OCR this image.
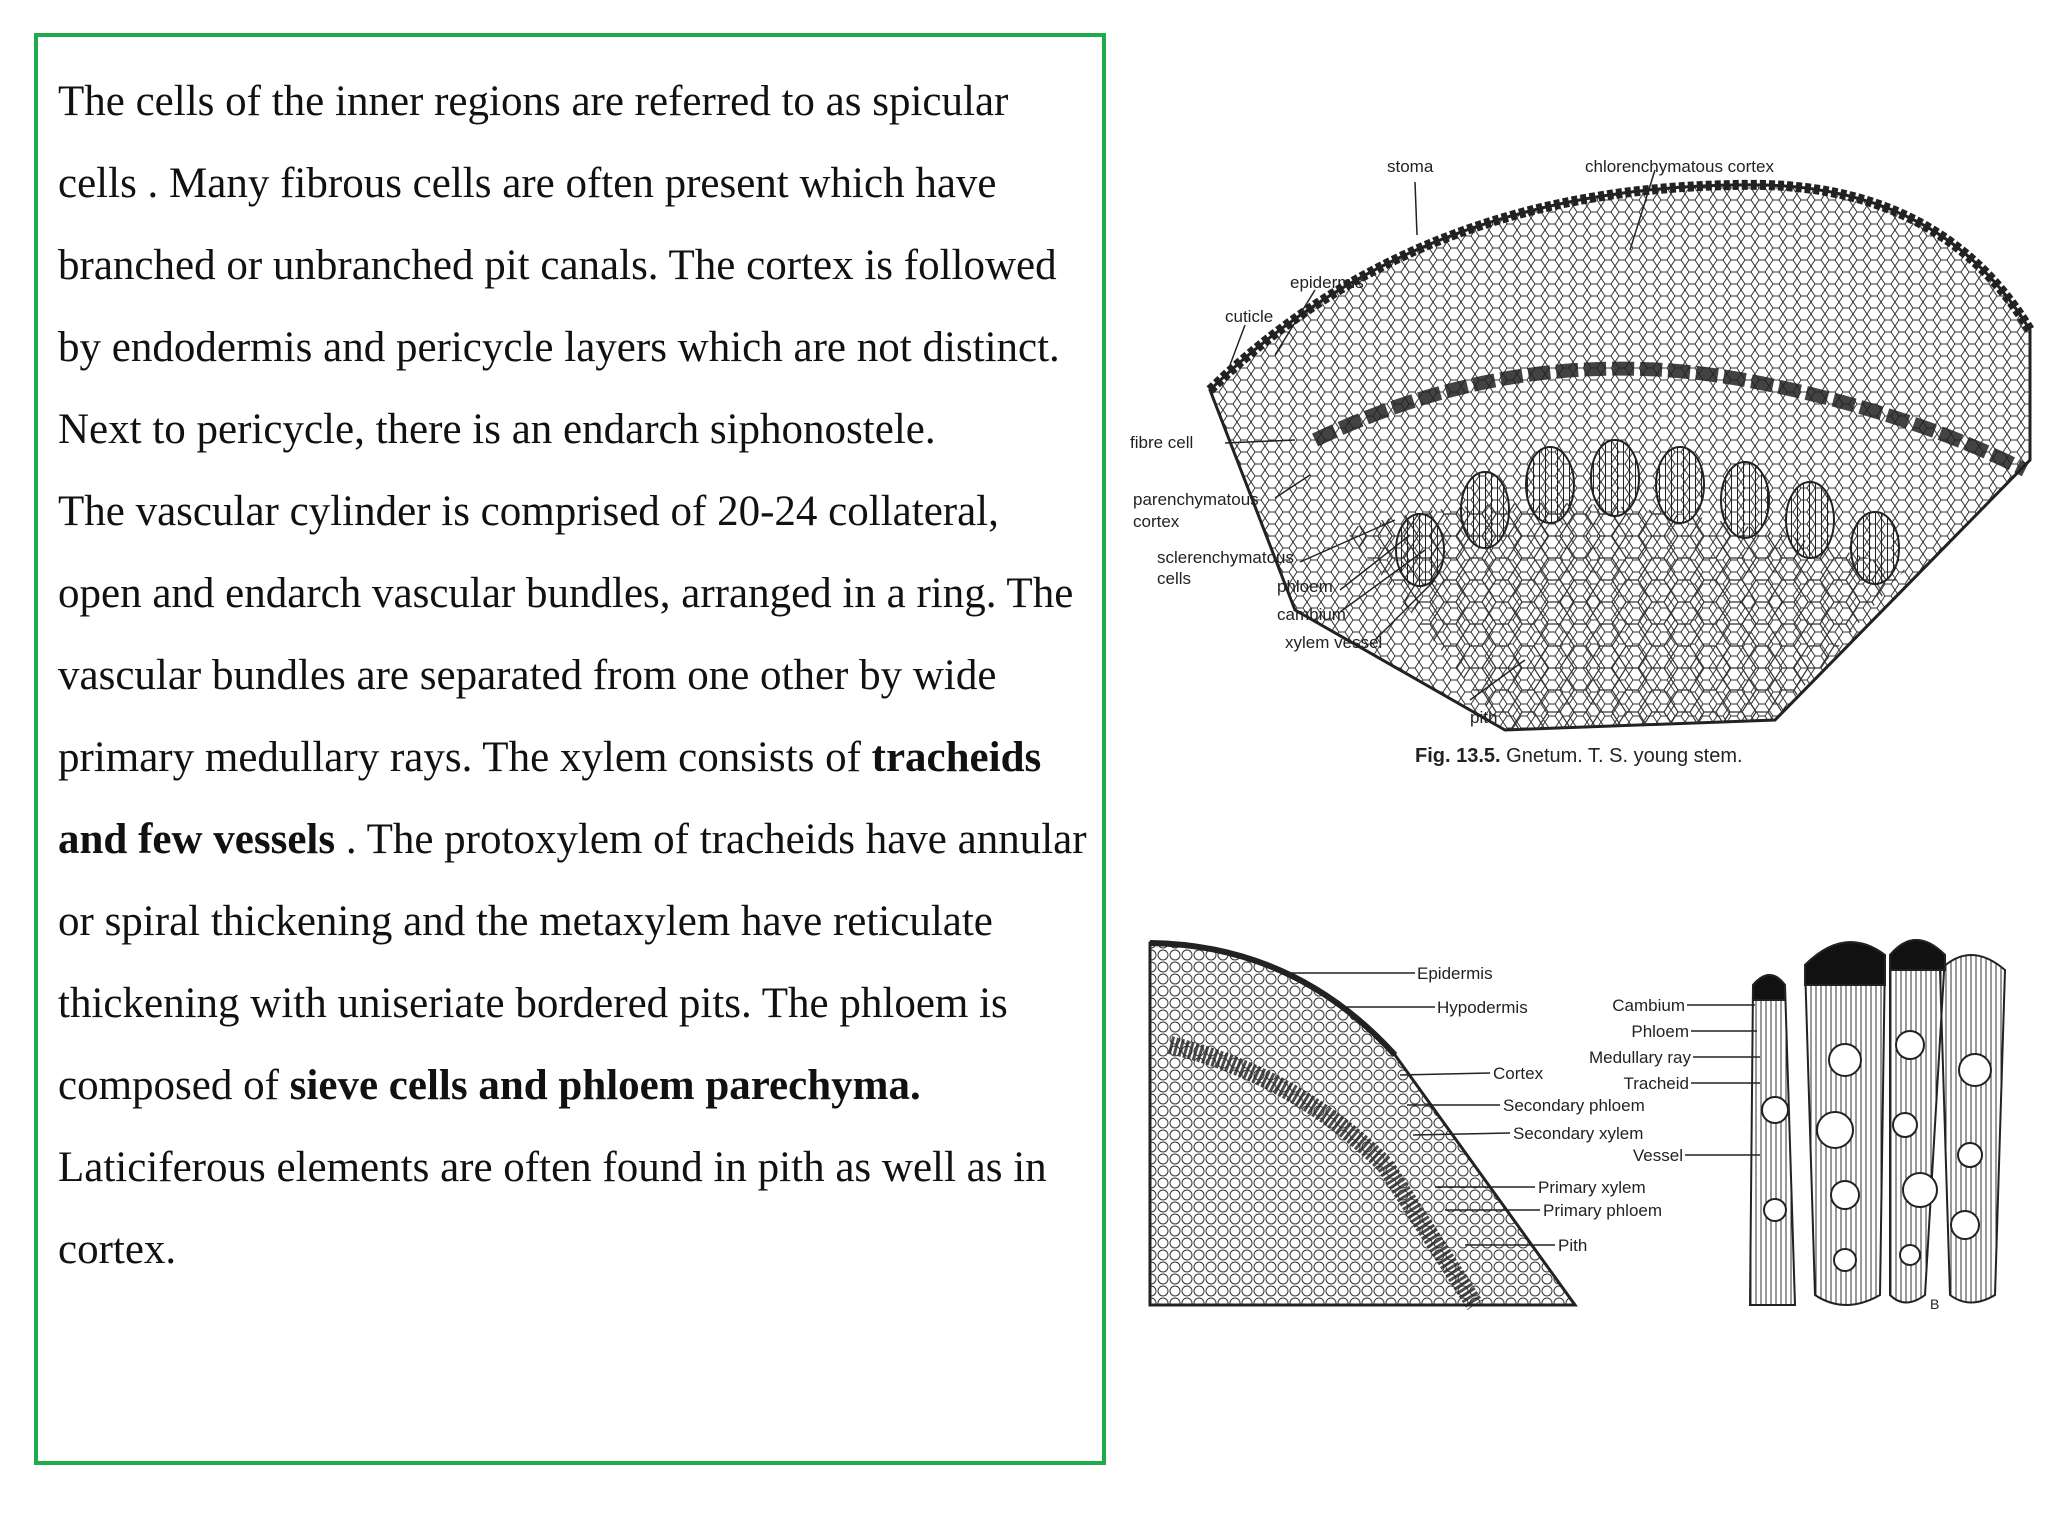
The cells of the inner regions are referred to as spicular cells . Many fibrous cells are often present which have branched or unbranched pit canals. The cortex is followed by endodermis and pericycle layers which are not distinct. Next to pericycle, there is an endarch siphonostele.
The vascular cylinder is comprised of 20-24 collateral, open and endarch vascular bundles, arranged in a ring. The vascular bundles are separated from one other by wide primary medullary rays. The xylem consists of tracheids and few vessels . The protoxylem of tracheids have annular or spiral thickening and the metaxylem have reticulate thickening with uniseriate bordered pits. The phloem is composed of sieve cells and phloem parechyma. Laticiferous elements are often found in pith as well as in cortex.

stoma	chlorenchymatous cortex
epidermis
cuticle
fibre cell
parenchymatous
cortex
sclerenchymatous
cells	phloem
cambium
xylem vessel
pith
Fig. 13.5. Gnetum. T. S. young stem.
Epidermis
Hypodermis
Cortex
Secondary phloem
Secondary xylem
Primary xylem
Primary phloem
Pith
Cambium
Phloem
Medullary ray
Tracheid
Vessel
B
